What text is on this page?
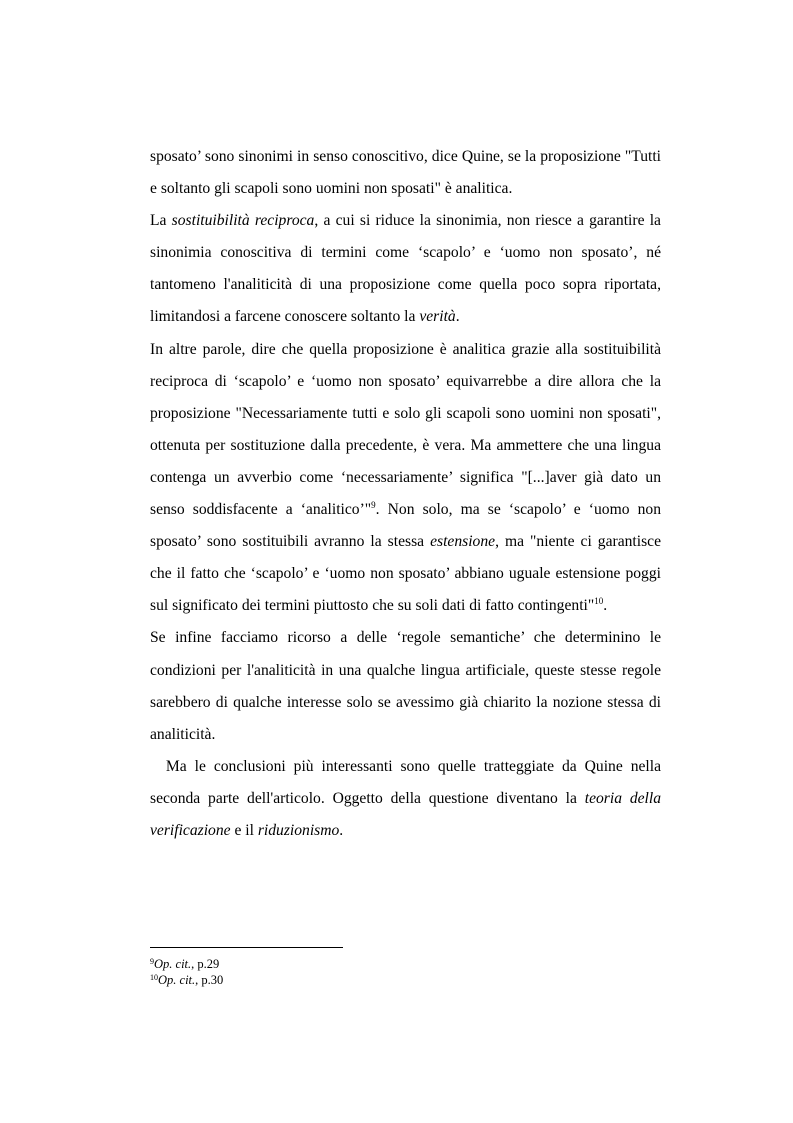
sposato’ sono sinonimi in senso conoscitivo, dice Quine, se la proposizione "Tutti e soltanto gli scapoli sono uomini non sposati" è analitica.

La sostituibilità reciproca, a cui si riduce la sinonimia, non riesce a garantire la sinonimia conoscitiva di termini come ‘scapolo’ e ‘uomo non sposato’, né tantomeno l'analiticità di una proposizione come quella poco sopra riportata, limitandosi a farcene conoscere soltanto la verità.

In altre parole, dire che quella proposizione è analitica grazie alla sostituibilità reciproca di ‘scapolo’ e ‘uomo non sposato’ equivarrebbe a dire allora che la proposizione "Necessariamente tutti e solo gli scapoli sono uomini non sposati", ottenuta per sostituzione dalla precedente, è vera. Ma ammettere che una lingua contenga un avverbio come ‘necessariamente’ significa "[...]aver già dato un senso soddisfacente a ‘analitico’"$^9$. Non solo, ma se ‘scapolo’ e ‘uomo non sposato’ sono sostituibili avranno la stessa estensione, ma "niente ci garantisce che il fatto che ‘scapolo’ e ‘uomo non sposato’ abbiano uguale estensione poggi sul significato dei termini piuttosto che su soli dati di fatto contingenti"$^{10}$.

Se infine facciamo ricorso a delle ‘regole semantiche’ che determinino le condizioni per l'analiticità in una qualche lingua artificiale, queste stesse regole sarebbero di qualche interesse solo se avessimo già chiarito la nozione stessa di analiticità.

Ma le conclusioni più interessanti sono quelle tratteggiate da Quine nella seconda parte dell'articolo. Oggetto della questione diventano la teoria della verificazione e il riduzionismo.

$^9$Op. cit., p.29
$^{10}$Op. cit., p.30
